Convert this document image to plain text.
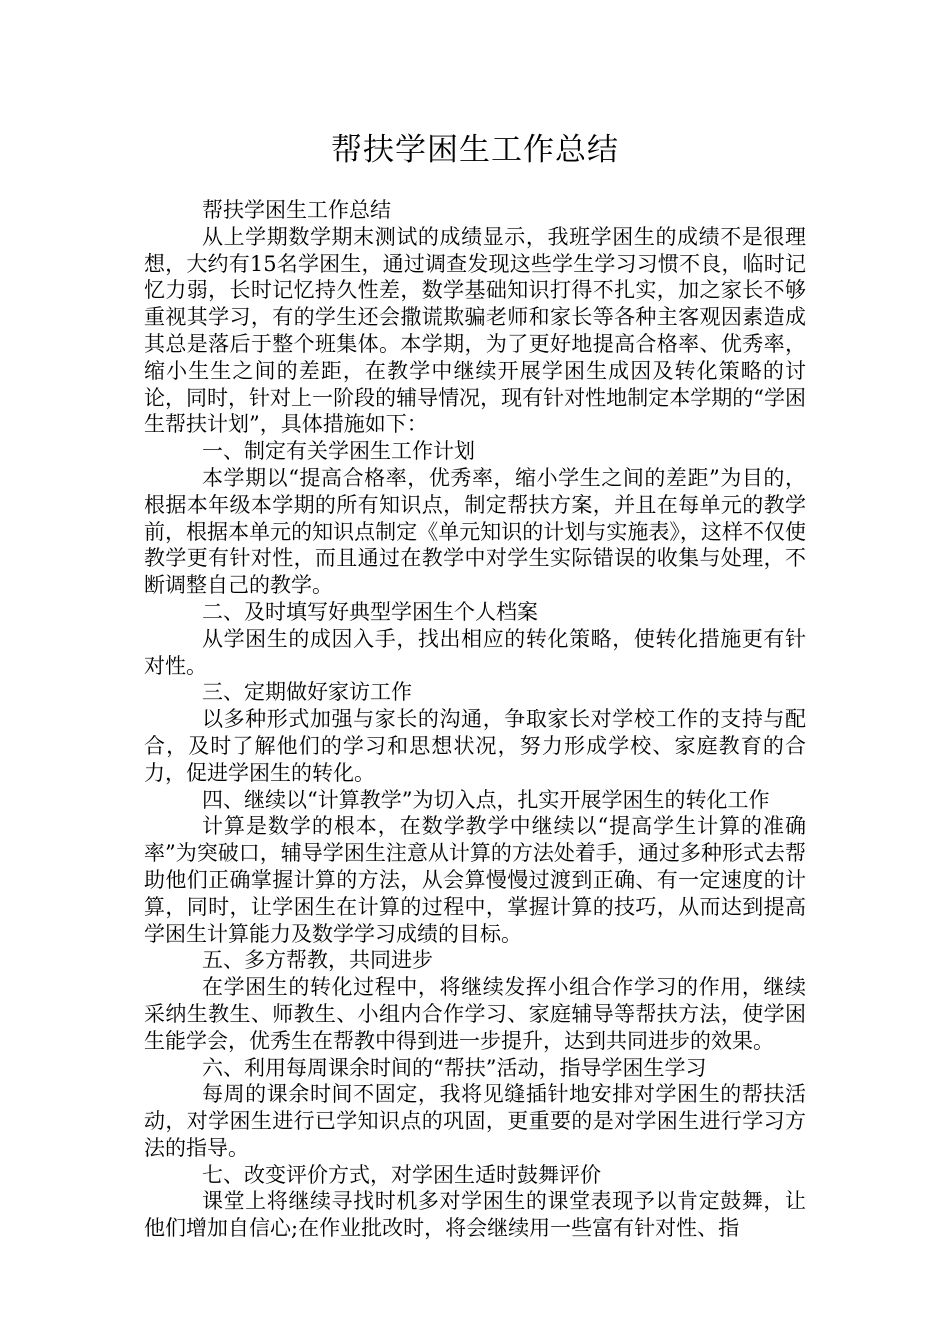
帮扶学困生工作总结

帮扶学困生工作总结

从上学期数学期末测试的成绩显示，我班学困生的成绩不是很理想，大约有15名学困生，通过调查发现这些学生学习习惯不良，临时记忆力弱，长时记忆持久性差，数学基础知识打得不扎实，加之家长不够重视其学习，有的学生还会撒谎欺骗老师和家长等各种主客观因素造成其总是落后于整个班集体。本学期，为了更好地提高合格率、优秀率，缩小生生之间的差距，在教学中继续开展学困生成因及转化策略的讨论，同时，针对上一阶段的辅导情况，现有针对性地制定本学期的“学困生帮扶计划”，具体措施如下：

一、制定有关学困生工作计划

本学期以“提高合格率，优秀率，缩小学生之间的差距”为目的，根据本年级本学期的所有知识点，制定帮扶方案，并且在每单元的教学前，根据本单元的知识点制定《单元知识的计划与实施表》，这样不仅使教学更有针对性，而且通过在教学中对学生实际错误的收集与处理，不断调整自己的教学。

二、及时填写好典型学困生个人档案

从学困生的成因入手，找出相应的转化策略，使转化措施更有针对性。

三、定期做好家访工作

以多种形式加强与家长的沟通，争取家长对学校工作的支持与配合，及时了解他们的学习和思想状况，努力形成学校、家庭教育的合力，促进学困生的转化。

四、继续以“计算教学”为切入点，扎实开展学困生的转化工作

计算是数学的根本，在数学教学中继续以“提高学生计算的准确率”为突破口，辅导学困生注意从计算的方法处着手，通过多种形式去帮助他们正确掌握计算的方法，从会算慢慢过渡到正确、有一定速度的计算，同时，让学困生在计算的过程中，掌握计算的技巧，从而达到提高学困生计算能力及数学学习成绩的目标。

五、多方帮教，共同进步

在学困生的转化过程中，将继续发挥小组合作学习的作用，继续采纳生教生、师教生、小组内合作学习、家庭辅导等帮扶方法，使学困生能学会，优秀生在帮教中得到进一步提升，达到共同进步的效果。

六、利用每周课余时间的“帮扶”活动，指导学困生学习

每周的课余时间不固定，我将见缝插针地安排对学困生的帮扶活动，对学困生进行已学知识点的巩固，更重要的是对学困生进行学习方法的指导。

七、改变评价方式，对学困生适时鼓舞评价

课堂上将继续寻找时机多对学困生的课堂表现予以肯定鼓舞，让他们增加自信心;在作业批改时，将会继续用一些富有针对性、指
